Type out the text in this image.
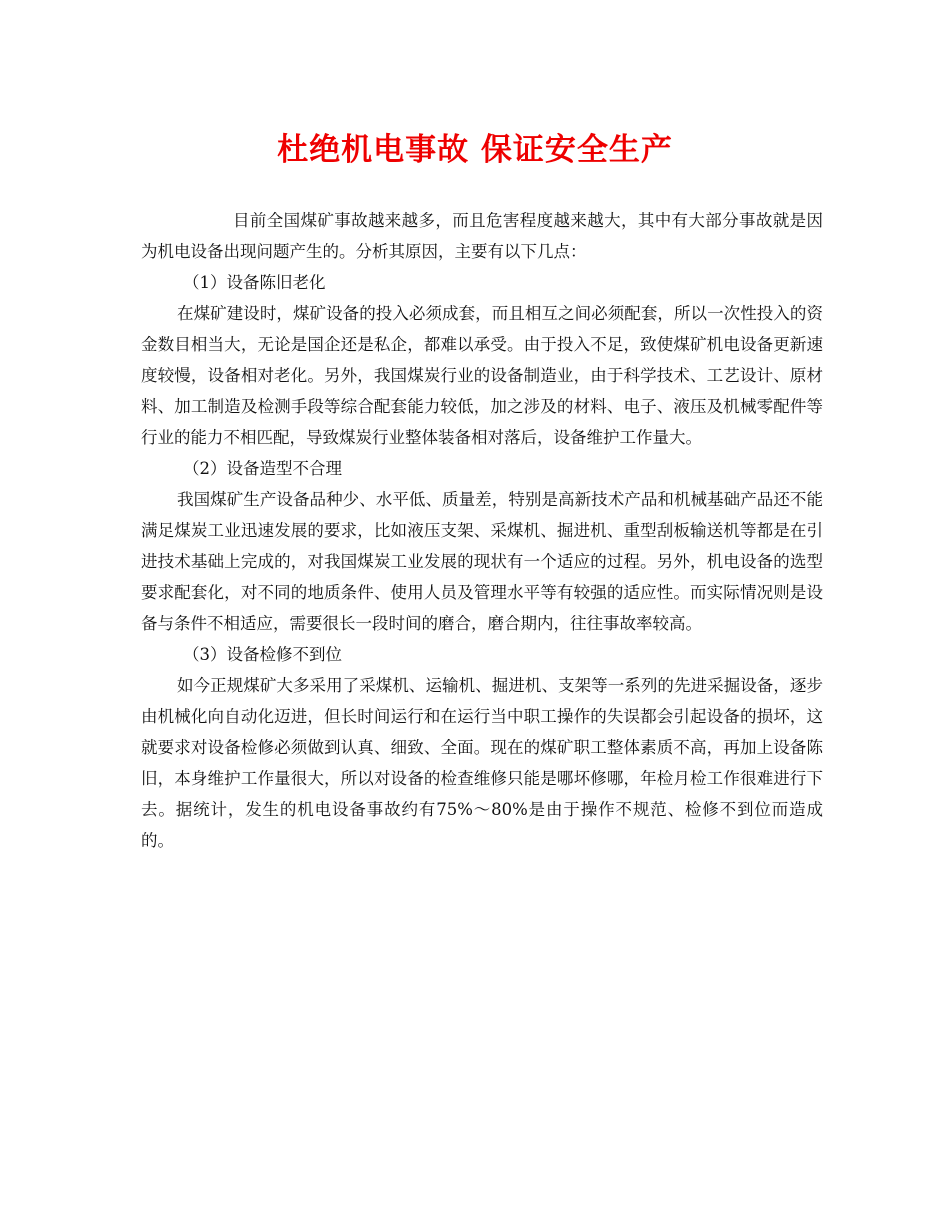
杜绝机电事故 保证安全生产

目前全国煤矿事故越来越多，而且危害程度越来越大，其中有大部分事故就是因为机电设备出现问题产生的。分析其原因，主要有以下几点：

（1）设备陈旧老化

在煤矿建设时，煤矿设备的投入必须成套，而且相互之间必须配套，所以一次性投入的资金数目相当大，无论是国企还是私企，都难以承受。由于投入不足，致使煤矿机电设备更新速度较慢，设备相对老化。另外，我国煤炭行业的设备制造业，由于科学技术、工艺设计、原材料、加工制造及检测手段等综合配套能力较低，加之涉及的材料、电子、液压及机械零配件等行业的能力不相匹配，导致煤炭行业整体装备相对落后，设备维护工作量大。

（2）设备造型不合理

我国煤矿生产设备品种少、水平低、质量差，特别是高新技术产品和机械基础产品还不能满足煤炭工业迅速发展的要求，比如液压支架、采煤机、掘进机、重型刮板输送机等都是在引进技术基础上完成的，对我国煤炭工业发展的现状有一个适应的过程。另外，机电设备的选型要求配套化，对不同的地质条件、使用人员及管理水平等有较强的适应性。而实际情况则是设备与条件不相适应，需要很长一段时间的磨合，磨合期内，往往事故率较高。

（3）设备检修不到位

如今正规煤矿大多采用了采煤机、运输机、掘进机、支架等一系列的先进采掘设备，逐步由机械化向自动化迈进，但长时间运行和在运行当中职工操作的失误都会引起设备的损坏，这就要求对设备检修必须做到认真、细致、全面。现在的煤矿职工整体素质不高，再加上设备陈旧，本身维护工作量很大，所以对设备的检查维修只能是哪坏修哪，年检月检工作很难进行下去。据统计，发生的机电设备事故约有75%～80%是由于操作不规范、检修不到位而造成的。
